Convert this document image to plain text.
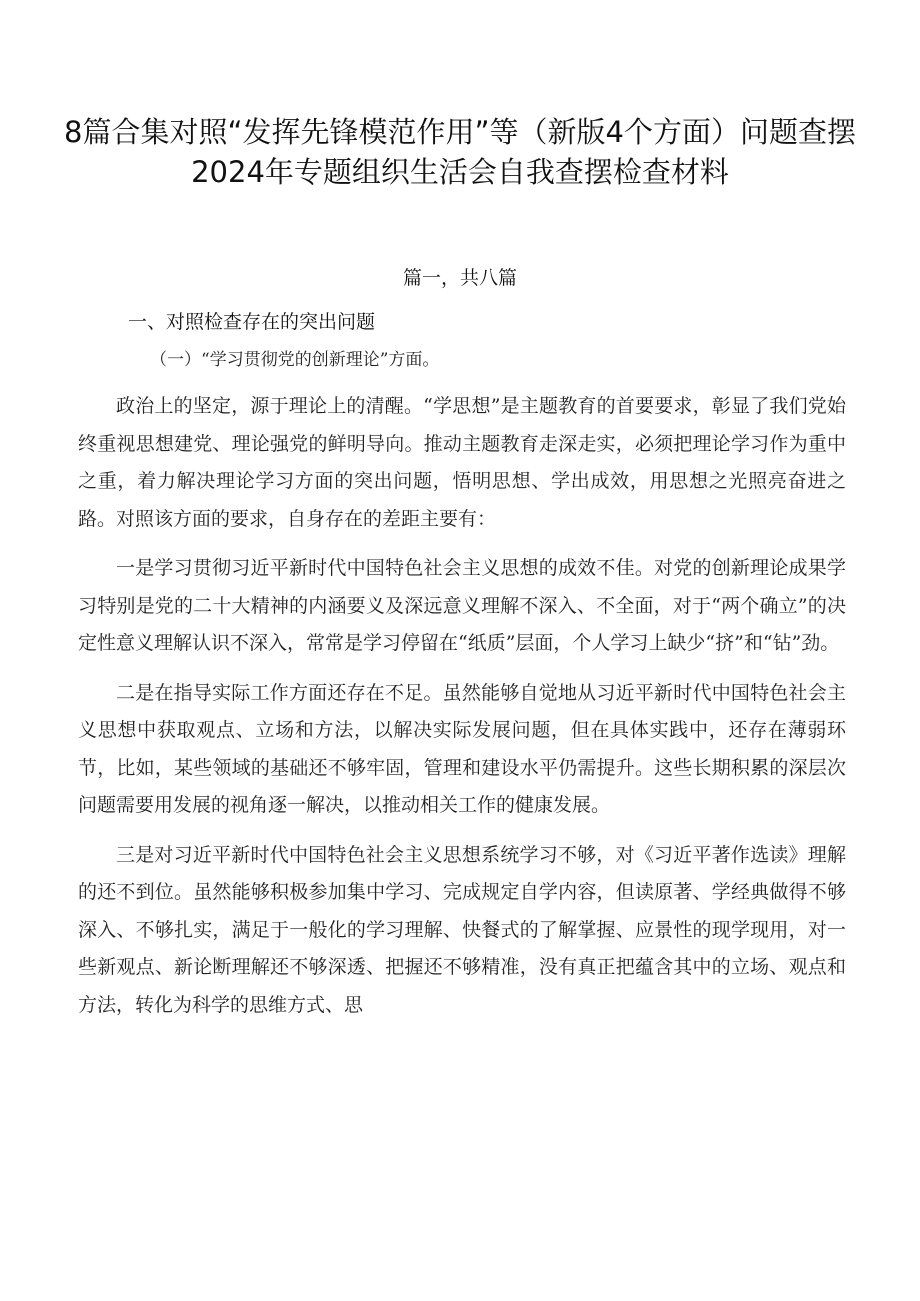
8篇合集对照“发挥先锋模范作用”等（新版4个方面）问题查摆2024年专题组织生活会自我查摆检查材料
篇一，共八篇
一、对照检查存在的突出问题
（一）“学习贯彻党的创新理论”方面。

政治上的坚定，源于理论上的清醒。“学思想”是主题教育的首要要求，彰显了我们党始终重视思想建党、理论强党的鲜明导向。推动主题教育走深走实，必须把理论学习作为重中之重，着力解决理论学习方面的突出问题，悟明思想、学出成效，用思想之光照亮奋进之路。对照该方面的要求，自身存在的差距主要有：

一是学习贯彻习近平新时代中国特色社会主义思想的成效不佳。对党的创新理论成果学习特别是党的二十大精神的内涵要义及深远意义理解不深入、不全面，对于“两个确立”的决定性意义理解认识不深入，常常是学习停留在“纸质”层面，个人学习上缺少“挤”和“钻”劲。

二是在指导实际工作方面还存在不足。虽然能够自觉地从习近平新时代中国特色社会主义思想中获取观点、立场和方法，以解决实际发展问题，但在具体实践中，还存在薄弱环节，比如，某些领域的基础还不够牢固，管理和建设水平仍需提升。这些长期积累的深层次问题需要用发展的视角逐一解决，以推动相关工作的健康发展。

三是对习近平新时代中国特色社会主义思想系统学习不够，对《习近平著作选读》理解的还不到位。虽然能够积极参加集中学习、完成规定自学内容，但读原著、学经典做得不够深入、不够扎实，满足于一般化的学习理解、快餐式的了解掌握、应景性的现学现用，对一些新观点、新论断理解还不够深透、把握还不够精准，没有真正把蕴含其中的立场、观点和方法，转化为科学的思维方式、思
